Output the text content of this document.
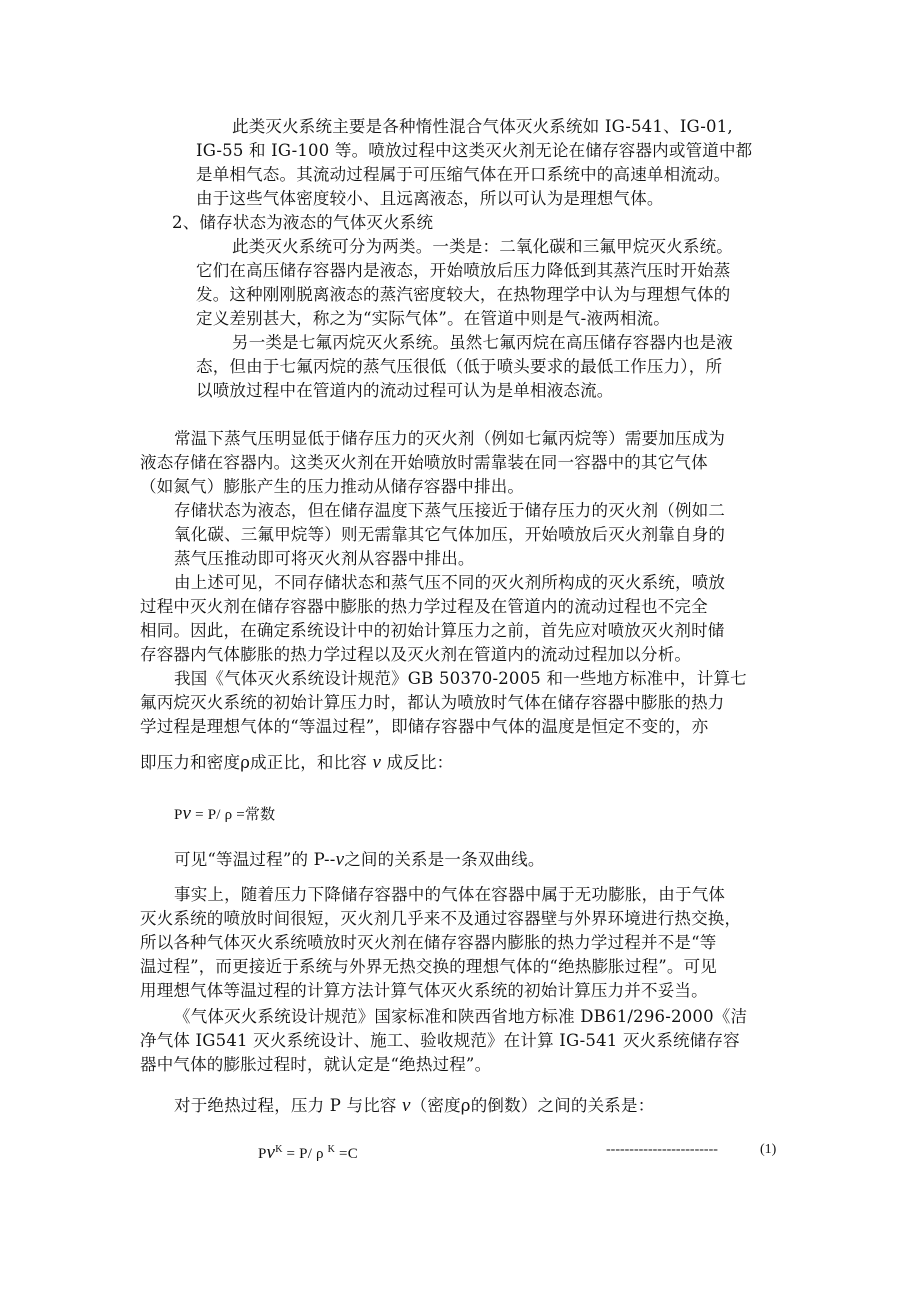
此类灭火系统主要是各种惰性混合气体灭火系统如 IG-541、IG-01,
IG-55 和 IG-100 等。喷放过程中这类灭火剂无论在储存容器内或管道中都
是单相气态。其流动过程属于可压缩气体在开口系统中的高速单相流动。
由于这些气体密度较小、且远离液态，所以可认为是理想气体。
2、储存状态为液态的气体灭火系统
此类灭火系统可分为两类。一类是：二氧化碳和三氟甲烷灭火系统。
它们在高压储存容器内是液态，开始喷放后压力降低到其蒸汽压时开始蒸
发。这种刚刚脱离液态的蒸汽密度较大，在热物理学中认为与理想气体的
定义差别甚大，称之为“实际气体”。在管道中则是气-液两相流。
另一类是七氟丙烷灭火系统。虽然七氟丙烷在高压储存容器内也是液
态，但由于七氟丙烷的蒸气压很低（低于喷头要求的最低工作压力），所
以喷放过程中在管道内的流动过程可认为是单相液态流。
常温下蒸气压明显低于储存压力的灭火剂（例如七氟丙烷等）需要加压成为
液态存储在容器内。这类灭火剂在开始喷放时需靠装在同一容器中的其它气体
（如氮气）膨胀产生的压力推动从储存容器中排出。
存储状态为液态，但在储存温度下蒸气压接近于储存压力的灭火剂（例如二
氧化碳、三氟甲烷等）则无需靠其它气体加压，开始喷放后灭火剂靠自身的
蒸气压推动即可将灭火剂从容器中排出。
由上述可见，不同存储状态和蒸气压不同的灭火剂所构成的灭火系统，喷放
过程中灭火剂在储存容器中膨胀的热力学过程及在管道内的流动过程也不完全
相同。因此，在确定系统设计中的初始计算压力之前，首先应对喷放灭火剂时储
存容器内气体膨胀的热力学过程以及灭火剂在管道内的流动过程加以分析。
我国《气体灭火系统设计规范》GB 50370-2005 和一些地方标准中，计算七
氟丙烷灭火系统的初始计算压力时，都认为喷放时气体在储存容器中膨胀的热力
学过程是理想气体的“等温过程”，即储存容器中气体的温度是恒定不变的，亦
即压力和密度ρ成正比，和比容 v 成反比：
Pv = P/ ρ =常数
可见“等温过程”的 P--v之间的关系是一条双曲线。
事实上，随着压力下降储存容器中的气体在容器中属于无功膨胀，由于气体
灭火系统的喷放时间很短，灭火剂几乎来不及通过容器壁与外界环境进行热交换，
所以各种气体灭火系统喷放时灭火剂在储存容器内膨胀的热力学过程并不是“等
温过程”，而更接近于系统与外界无热交换的理想气体的“绝热膨胀过程”。可见
用理想气体等温过程的计算方法计算气体灭火系统的初始计算压力并不妥当。
《气体灭火系统设计规范》国家标准和陕西省地方标准 DB61/296-2000《洁
净气体 IG541 灭火系统设计、施工、验收规范》在计算 IG-541 灭火系统储存容
器中气体的膨胀过程时，就认定是“绝热过程”。
对于绝热过程，压力 P 与比容 v（密度ρ的倒数）之间的关系是：
$Pv^K = P/$ ρ $^K$ =C	------------------------	(1)
